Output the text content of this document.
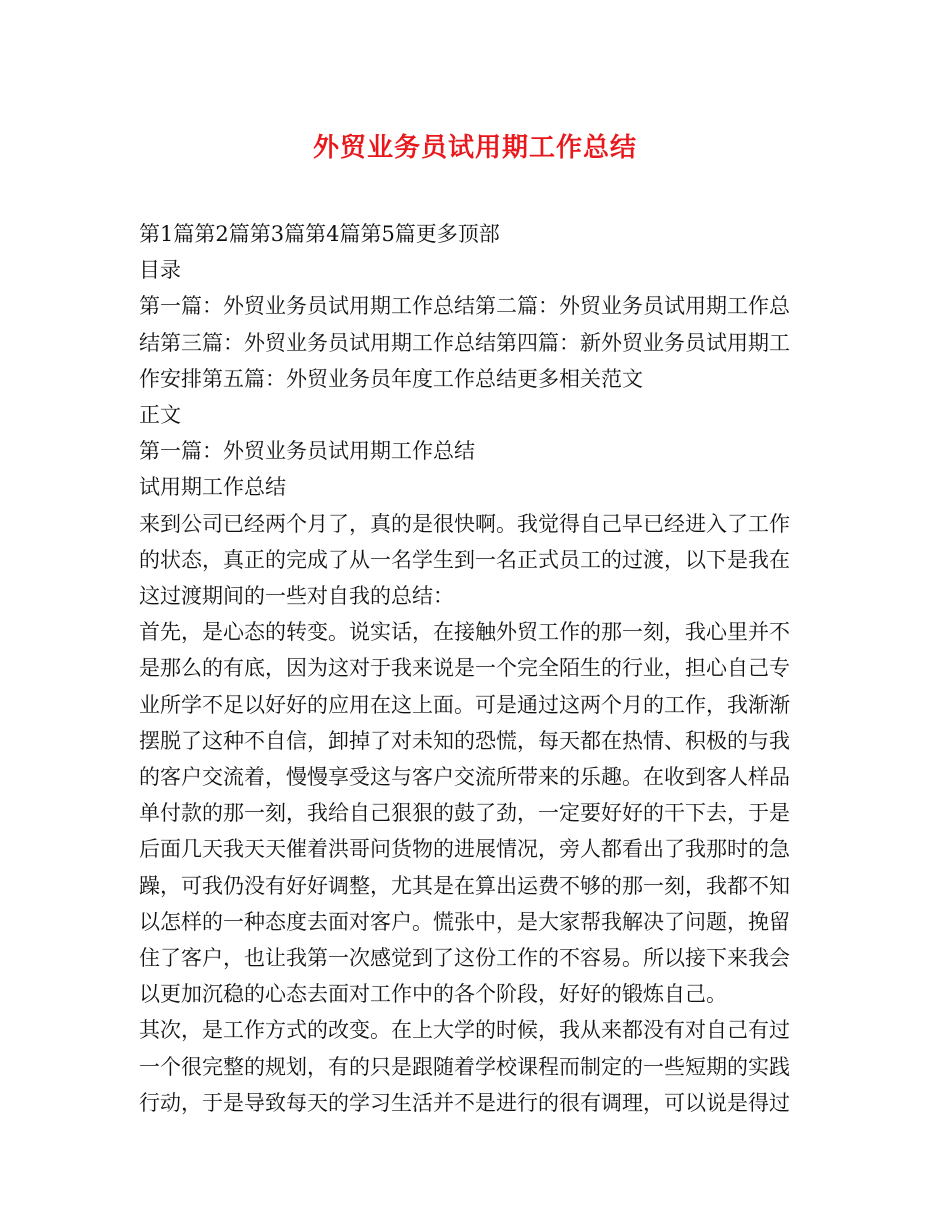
外贸业务员试用期工作总结
第1篇第2篇第3篇第4篇第5篇更多顶部
目录
第一篇：外贸业务员试用期工作总结第二篇：外贸业务员试用期工作总
结第三篇：外贸业务员试用期工作总结第四篇：新外贸业务员试用期工
作安排第五篇：外贸业务员年度工作总结更多相关范文
正文
第一篇：外贸业务员试用期工作总结
试用期工作总结
来到公司已经两个月了，真的是很快啊。我觉得自己早已经进入了工作
的状态，真正的完成了从一名学生到一名正式员工的过渡，以下是我在
这过渡期间的一些对自我的总结：
首先，是心态的转变。说实话，在接触外贸工作的那一刻，我心里并不
是那么的有底，因为这对于我来说是一个完全陌生的行业，担心自己专
业所学不足以好好的应用在这上面。可是通过这两个月的工作，我渐渐
摆脱了这种不自信，卸掉了对未知的恐慌，每天都在热情、积极的与我
的客户交流着，慢慢享受这与客户交流所带来的乐趣。在收到客人样品
单付款的那一刻，我给自己狠狠的鼓了劲，一定要好好的干下去，于是
后面几天我天天催着洪哥问货物的进展情况，旁人都看出了我那时的急
躁，可我仍没有好好调整，尤其是在算出运费不够的那一刻，我都不知
以怎样的一种态度去面对客户。慌张中，是大家帮我解决了问题，挽留
住了客户，也让我第一次感觉到了这份工作的不容易。所以接下来我会
以更加沉稳的心态去面对工作中的各个阶段，好好的锻炼自己。
其次，是工作方式的改变。在上大学的时候，我从来都没有对自己有过
一个很完整的规划，有的只是跟随着学校课程而制定的一些短期的实践
行动，于是导致每天的学习生活并不是进行的很有调理，可以说是得过
